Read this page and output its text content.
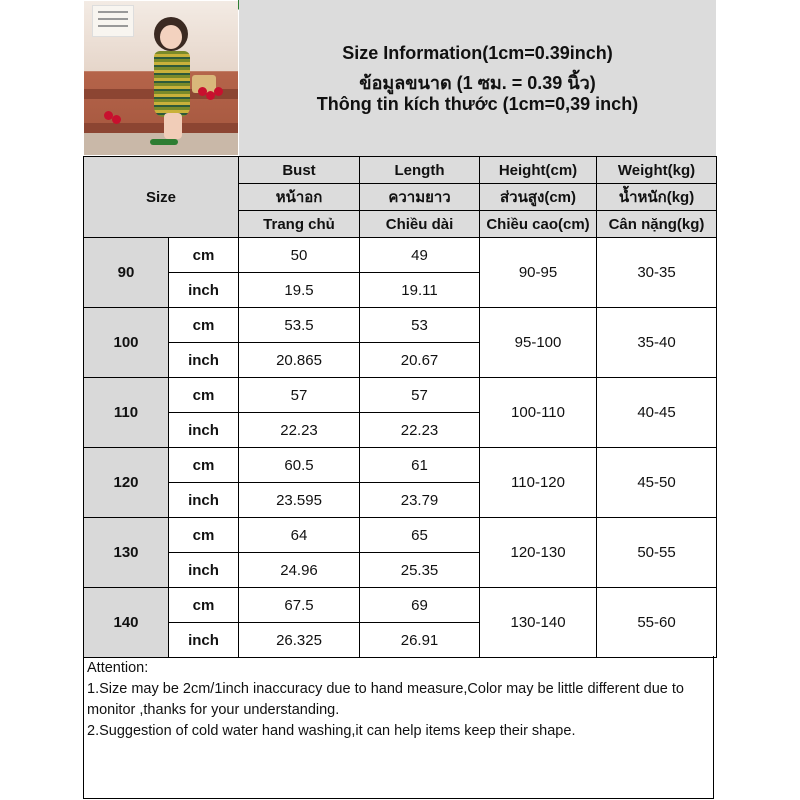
Size Information(1cm=0.39inch)
ข้อมูลขนาด (1 ซม. = 0.39 นิ้ว)
Thông tin kích thước (1cm=0,39 inch)
Size		Bust	Length	Height(cm)	Weight(kg)
		หน้าอก	ความยาว	ส่วนสูง(cm)	น้ำหนัก(kg)
		Trang chủ	Chiều dài	Chiều cao(cm)	Cân nặng(kg)
90	cm	50	49	90-95	30-35
	inch	19.5	19.11		
100	cm	53.5	53	95-100	35-40
	inch	20.865	20.67		
110	cm	57	57	100-110	40-45
	inch	22.23	22.23		
120	cm	60.5	61	110-120	45-50
	inch	23.595	23.79		
130	cm	64	65	120-130	50-55
	inch	24.96	25.35		
140	cm	67.5	69	130-140	55-60
	inch	26.325	26.91		
Attention:
1.Size may be 2cm/1inch inaccuracy due to hand measure,Color may be little different due to monitor ,thanks for your understanding.
2.Suggestion of cold water hand washing,it can help items keep their shape.
